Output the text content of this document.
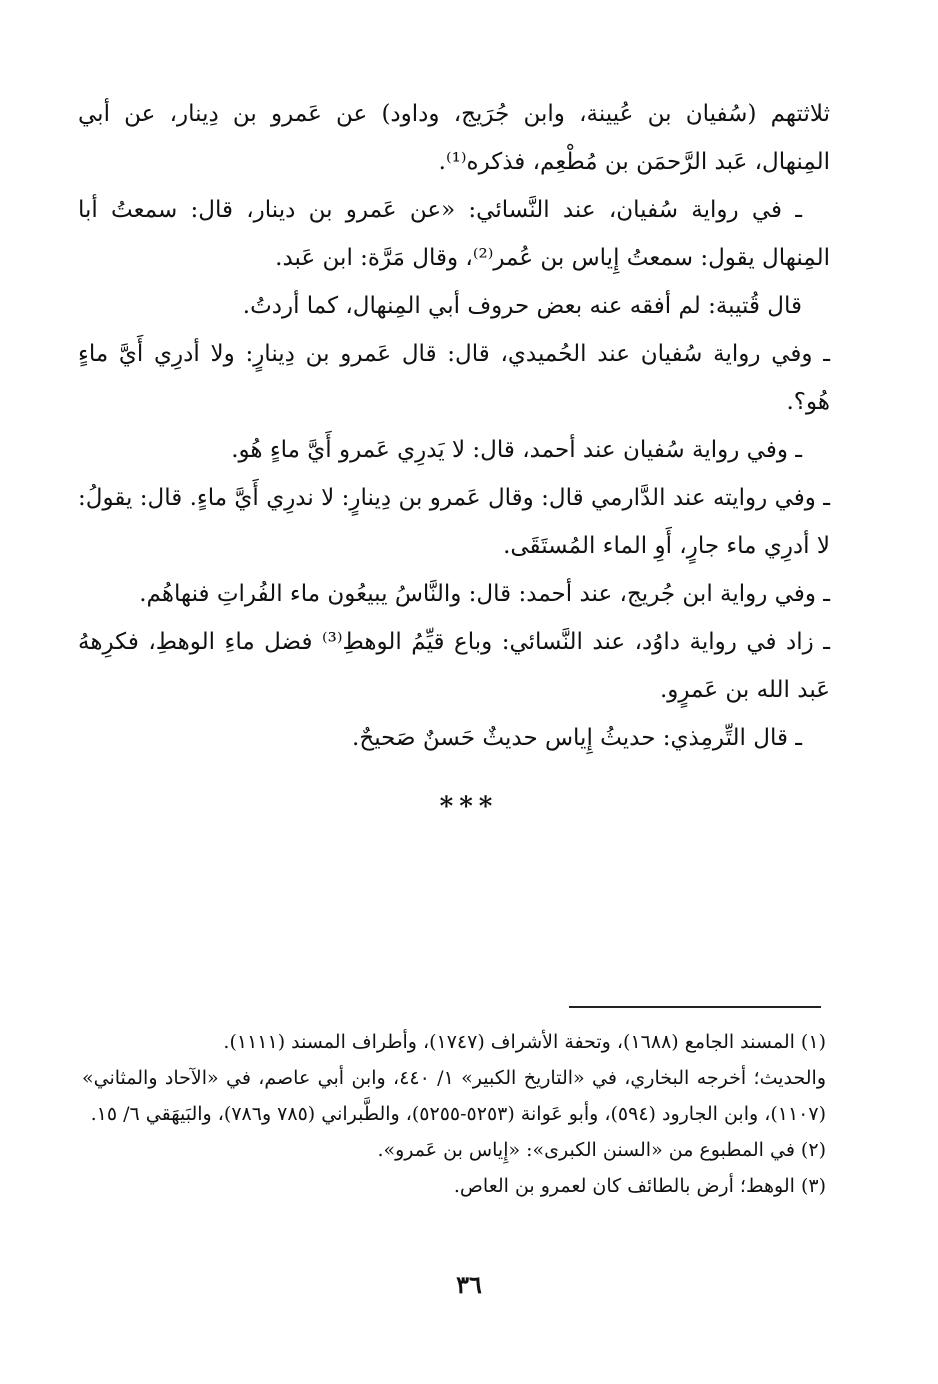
ثلاثتهم (سُفيان بن عُيينة، وابن جُرَيج، وداود) عن عَمرو بن دِينار، عن أبي المِنهال، عَبد الرَّحمَن بن مُطْعِم، فذكره⁽¹⁾.

ـ في رواية سُفيان، عند النَّسائي: «عن عَمرو بن دينار، قال: سمعتُ أبا المِنهال يقول: سمعتُ إِياس بن عُمر⁽²⁾، وقال مَرَّة: ابن عَبد.

قال قُتيبة: لم أفقه عنه بعض حروف أبي المِنهال، كما أردتُ.

ـ وفي رواية سُفيان عند الحُميدي، قال: قال عَمرو بن دِينارٍ: ولا أدرِي أَيَّ ماءٍ هُو؟.

ـ وفي رواية سُفيان عند أحمد، قال: لا يَدرِي عَمرو أَيَّ ماءٍ هُو.

ـ وفي روايته عند الدَّارمي قال: وقال عَمرو بن دِينارٍ: لا ندرِي أَيَّ ماءٍ. قال: يقولُ: لا أدرِي ماء جارٍ، أَوِ الماء المُستَقَى.

ـ وفي رواية ابن جُريج، عند أحمد: قال: والنَّاسُ يبيعُون ماء الفُراتِ فنهاهُم.

ـ زاد في رواية داوُد، عند النَّسائي: وباع قيِّمُ الوهطِ⁽³⁾ فضل ماءِ الوهطِ، فكرِههُ عَبد الله بن عَمرٍو.

ـ قال التِّرمِذي: حديثُ إِياس حديثٌ حَسنٌ صَحيحٌ.

***

(١) المسند الجامع (١٦٨٨)، وتحفة الأشراف (١٧٤٧)، وأطراف المسند (١١١١).

والحديث؛ أخرجه البخاري، في «التاريخ الكبير» ١/ ٤٤٠، وابن أبي عاصم، في «الآحاد والمثاني» (١١٠٧)، وابن الجارود (٥٩٤)، وأبو عَوانة (٥٢٥٣-٥٢٥٥)، والطَّبراني (٧٨٥ و٧٨٦)، والبَيهَقي ٦/ ١٥.

(٢) في المطبوع من «السنن الكبرى»: «إِياس بن عَمرو».

(٣) الوهط؛ أرض بالطائف كان لعمرو بن العاص.

٣٦
